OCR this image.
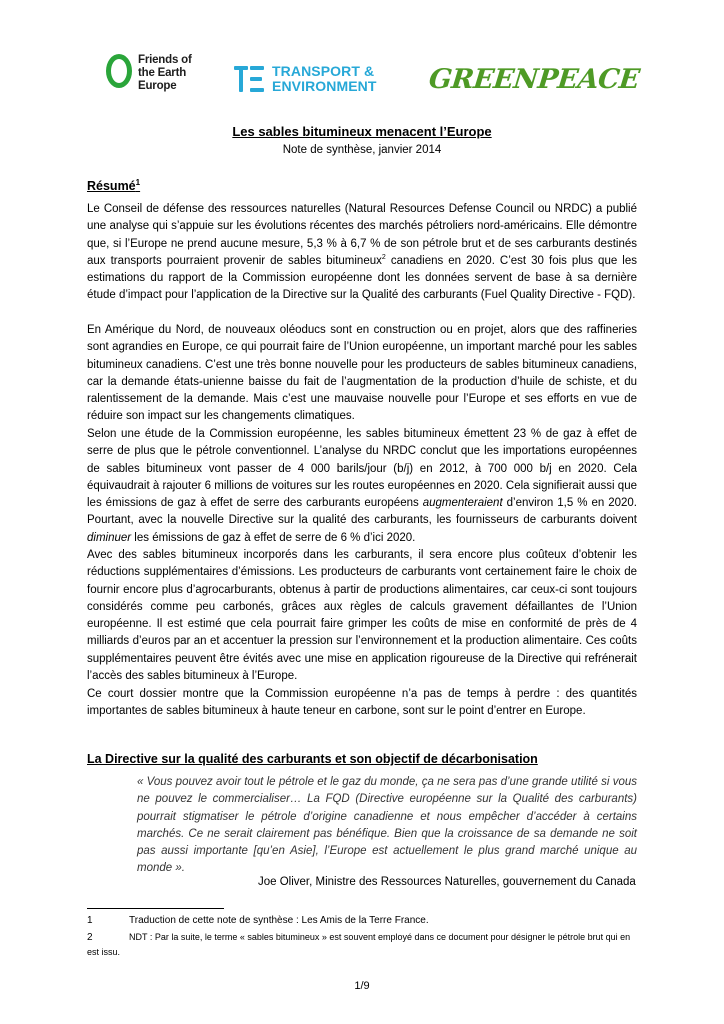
Friends of
the Earth
Europe
TRANSPORT &
ENVIRONMENT GREENPEACE
Les sables bitumineux menacent l’Europe
Note de synthèse, janvier 2014
Résumé$^1$

Le Conseil de défense des ressources naturelles (Natural Resources Defense Council ou NRDC) a publié une analyse qui s’appuie sur les évolutions récentes des marchés pétroliers nord-américains. Elle démontre que, si l’Europe ne prend aucune mesure, 5,3 % à 6,7 % de son pétrole brut et de ses carburants destinés aux transports pourraient provenir de sables bitumineux$^2$ canadiens en 2020. C’est 30 fois plus que les estimations du rapport de la Commission européenne dont les données servent de base à sa dernière étude d’impact pour l’application de la Directive sur la Qualité des carburants (Fuel Quality Directive - FQD).

En Amérique du Nord, de nouveaux oléoducs sont en construction ou en projet, alors que des raffineries sont agrandies en Europe, ce qui pourrait faire de l’Union européenne, un important marché pour les sables bitumineux canadiens. C’est une très bonne nouvelle pour les producteurs de sables bitumineux canadiens, car la demande états-unienne baisse du fait de l’augmentation de la production d’huile de schiste, et du ralentissement de la demande. Mais c’est une mauvaise nouvelle pour l’Europe et ses efforts en vue de réduire son impact sur les changements climatiques.

Selon une étude de la Commission européenne, les sables bitumineux émettent 23 % de gaz à effet de serre de plus que le pétrole conventionnel. L’analyse du NRDC conclut que les importations européennes de sables bitumineux vont passer de 4 000 barils/jour (b/j) en 2012, à 700 000 b/j en 2020. Cela équivaudrait à rajouter 6 millions de voitures sur les routes européennes en 2020. Cela signifierait aussi que les émissions de gaz à effet de serre des carburants européens augmenteraient d’environ 1,5 % en 2020. Pourtant, avec la nouvelle Directive sur la qualité des carburants, les fournisseurs de carburants doivent diminuer les émissions de gaz à effet de serre de 6 % d’ici 2020.

Avec des sables bitumineux incorporés dans les carburants, il sera encore plus coûteux d’obtenir les réductions supplémentaires d’émissions. Les producteurs de carburants vont certainement faire le choix de fournir encore plus d’agrocarburants, obtenus à partir de productions alimentaires, car ceux-ci sont toujours considérés comme peu carbonés, grâces aux règles de calculs gravement défaillantes de l’Union européenne. Il est estimé que cela pourrait faire grimper les coûts de mise en conformité de près de 4 milliards d’euros par an et accentuer la pression sur l’environnement et la production alimentaire. Ces coûts supplémentaires peuvent être évités avec une mise en application rigoureuse de la Directive qui refrénerait l’accès des sables bitumineux à l’Europe.

Ce court dossier montre que la Commission européenne n’a pas de temps à perdre : des quantités importantes de sables bitumineux à haute teneur en carbone, sont sur le point d’entrer en Europe.

La Directive sur la qualité des carburants et son objectif de décarbonisation
« Vous pouvez avoir tout le pétrole et le gaz du monde, ça ne sera pas d’une grande utilité si vous ne pouvez le commercialiser… La FQD (Directive européenne sur la Qualité des carburants) pourrait stigmatiser le pétrole d’origine canadienne et nous empêcher d’accéder à certains marchés. Ce ne serait clairement pas bénéfique. Bien que la croissance de sa demande ne soit pas aussi importante [qu’en Asie], l’Europe est actuellement le plus grand marché unique au monde ».
Joe Oliver, Ministre des Ressources Naturelles, gouvernement du Canada
1	Traduction de cette note de synthèse : Les Amis de la Terre France.
2	NDT : Par la suite, le terme « sables bitumineux » est souvent employé dans ce document pour désigner le pétrole brut qui en est issu.
1/9
